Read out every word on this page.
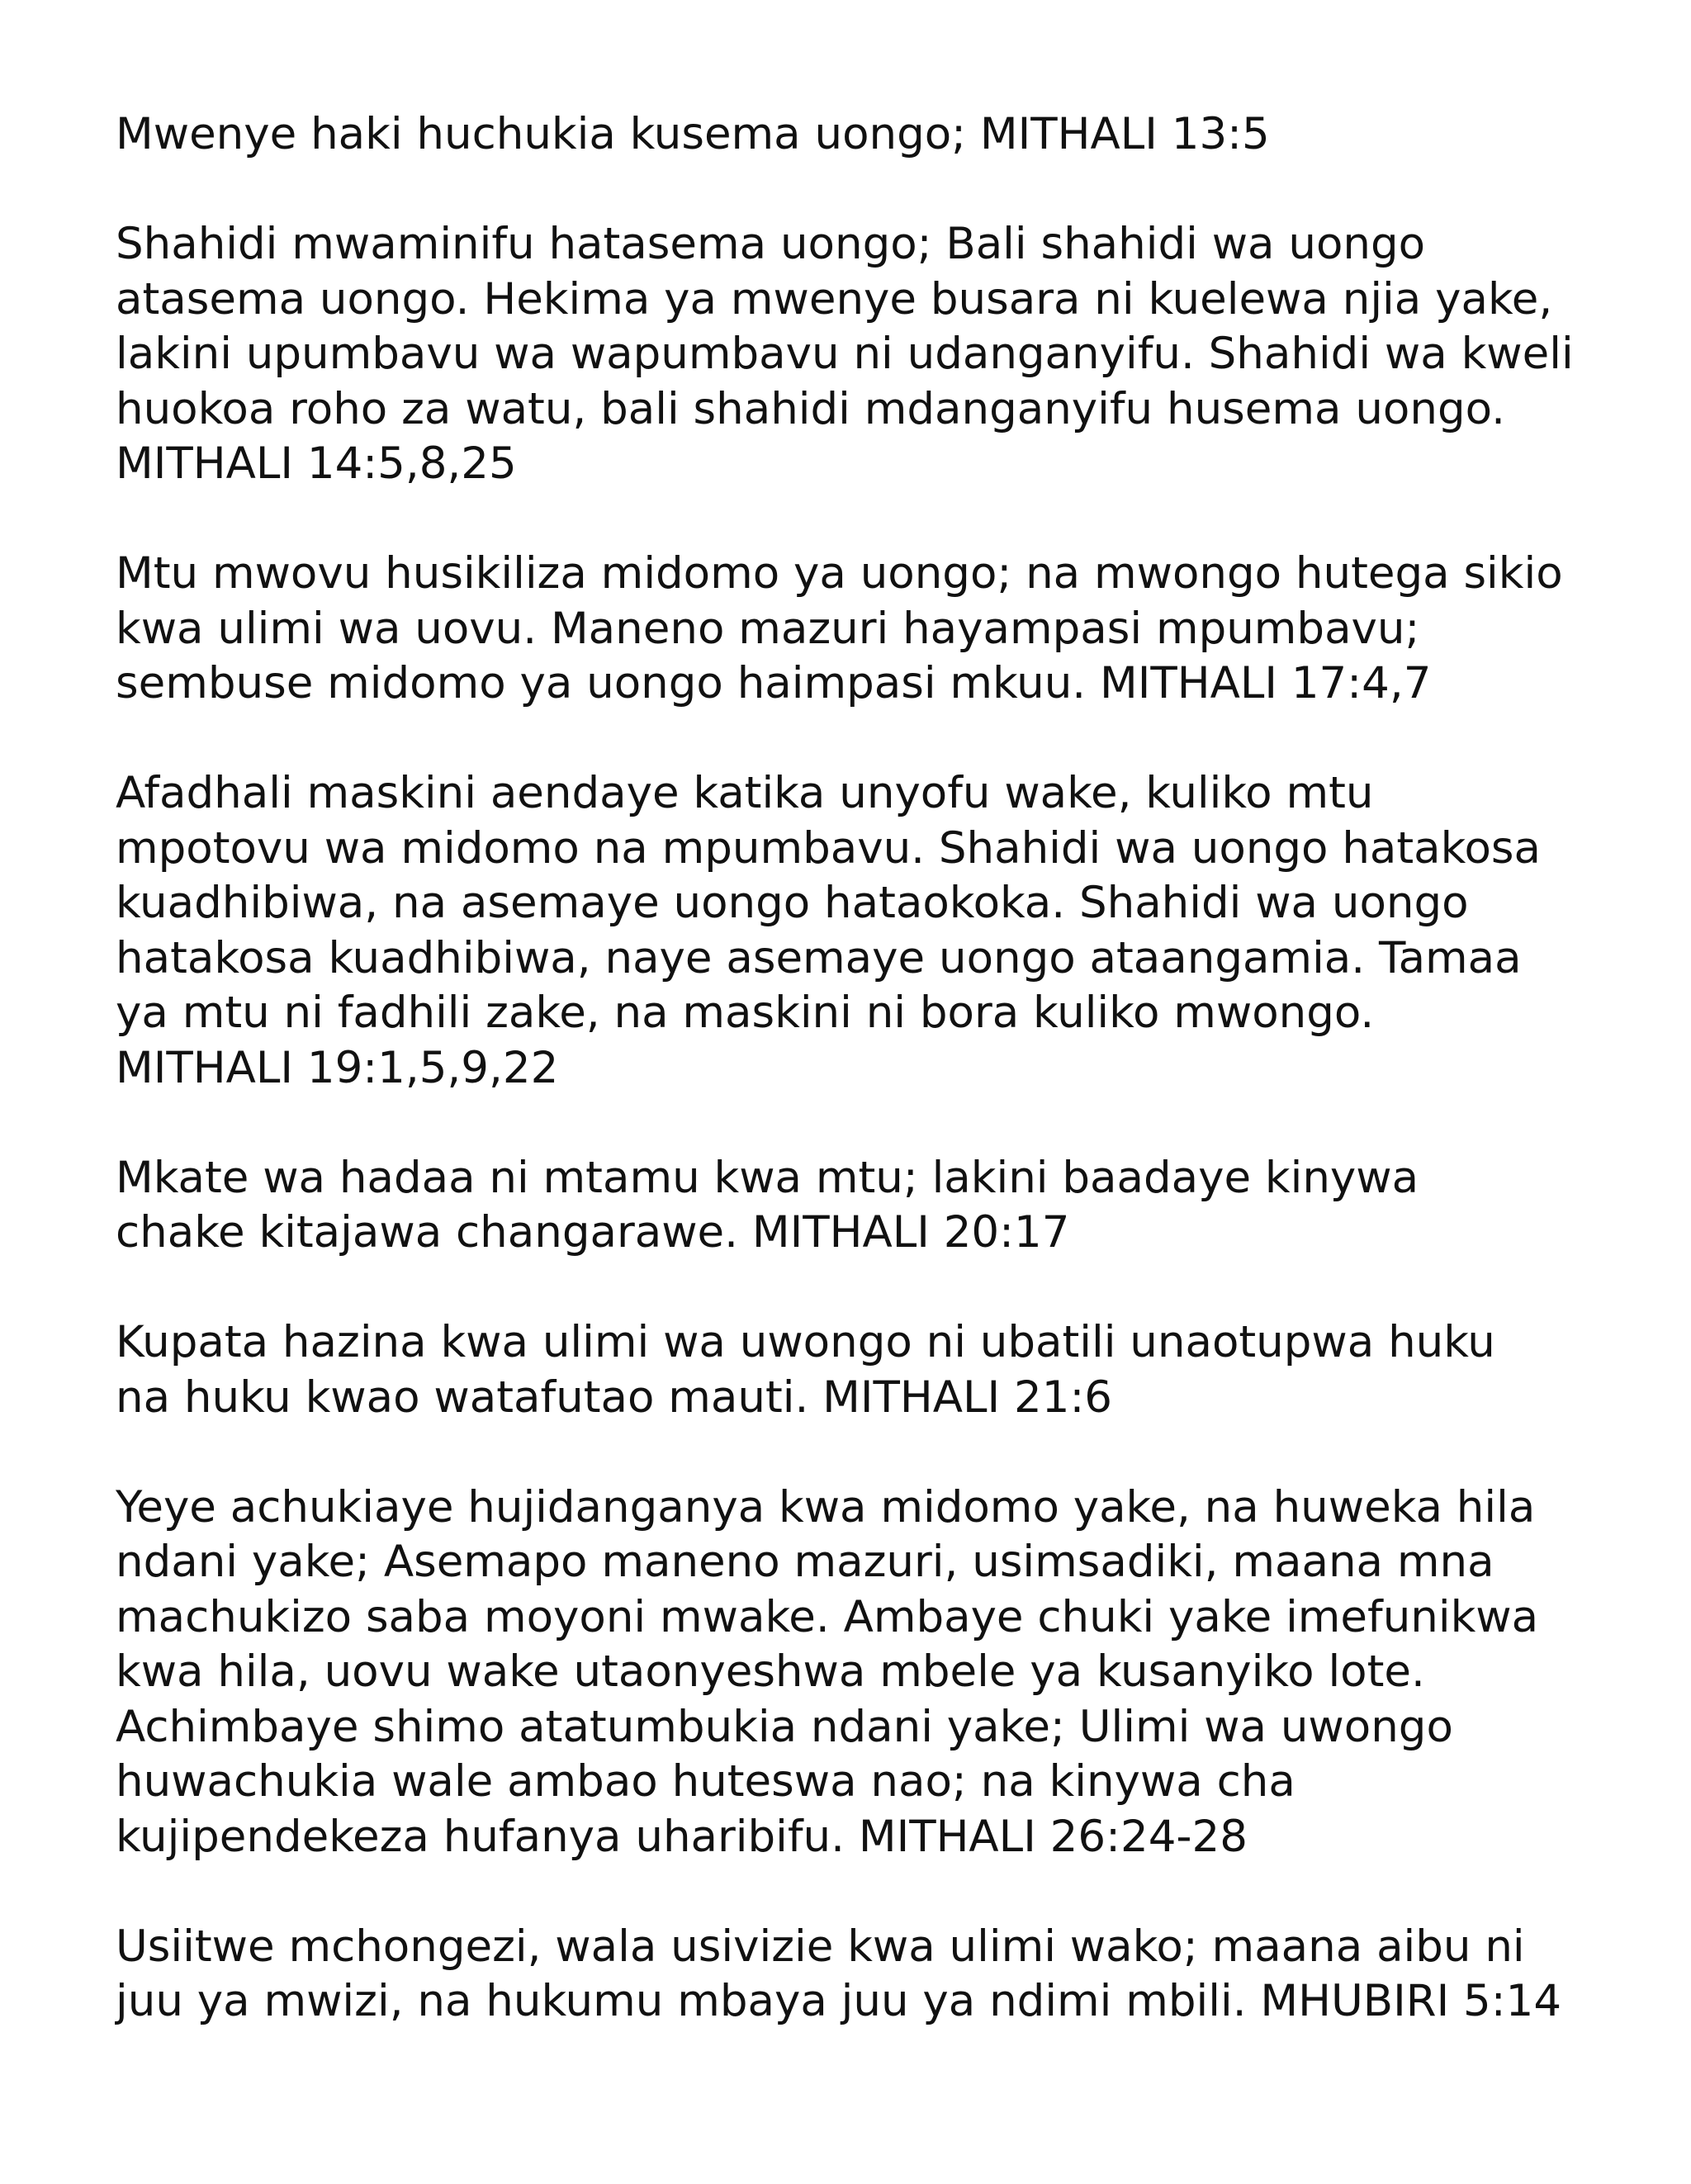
Mwenye haki huchukia kusema uongo; MITHALI 13:5

Shahidi mwaminifu hatasema uongo; Bali shahidi wa uongo
atasema uongo. Hekima ya mwenye busara ni kuelewa njia yake,
lakini upumbavu wa wapumbavu ni udanganyifu. Shahidi wa kweli
huokoa roho za watu, bali shahidi mdanganyifu husema uongo.
MITHALI 14:5,8,25

Mtu mwovu husikiliza midomo ya uongo; na mwongo hutega sikio
kwa ulimi wa uovu. Maneno mazuri hayampasi mpumbavu;
sembuse midomo ya uongo haimpasi mkuu. MITHALI 17:4,7

Afadhali maskini aendaye katika unyofu wake, kuliko mtu
mpotovu wa midomo na mpumbavu. Shahidi wa uongo hatakosa
kuadhibiwa, na asemaye uongo hataokoka. Shahidi wa uongo
hatakosa kuadhibiwa, naye asemaye uongo ataangamia. Tamaa
ya mtu ni fadhili zake, na maskini ni bora kuliko mwongo.
MITHALI 19:1,5,9,22

Mkate wa hadaa ni mtamu kwa mtu; lakini baadaye kinywa
chake kitajawa changarawe. MITHALI 20:17

Kupata hazina kwa ulimi wa uwongo ni ubatili unaotupwa huku
na huku kwao watafutao mauti. MITHALI 21:6

Yeye achukiaye hujidanganya kwa midomo yake, na huweka hila
ndani yake; Asemapo maneno mazuri, usimsadiki, maana mna
machukizo saba moyoni mwake. Ambaye chuki yake imefunikwa
kwa hila, uovu wake utaonyeshwa mbele ya kusanyiko lote.
Achimbaye shimo atatumbukia ndani yake; Ulimi wa uwongo
huwachukia wale ambao huteswa nao; na kinywa cha
kujipendekeza hufanya uharibifu. MITHALI 26:24-28

Usiitwe mchongezi, wala usivizie kwa ulimi wako; maana aibu ni
juu ya mwizi, na hukumu mbaya juu ya ndimi mbili. MHUBIRI 5:14
